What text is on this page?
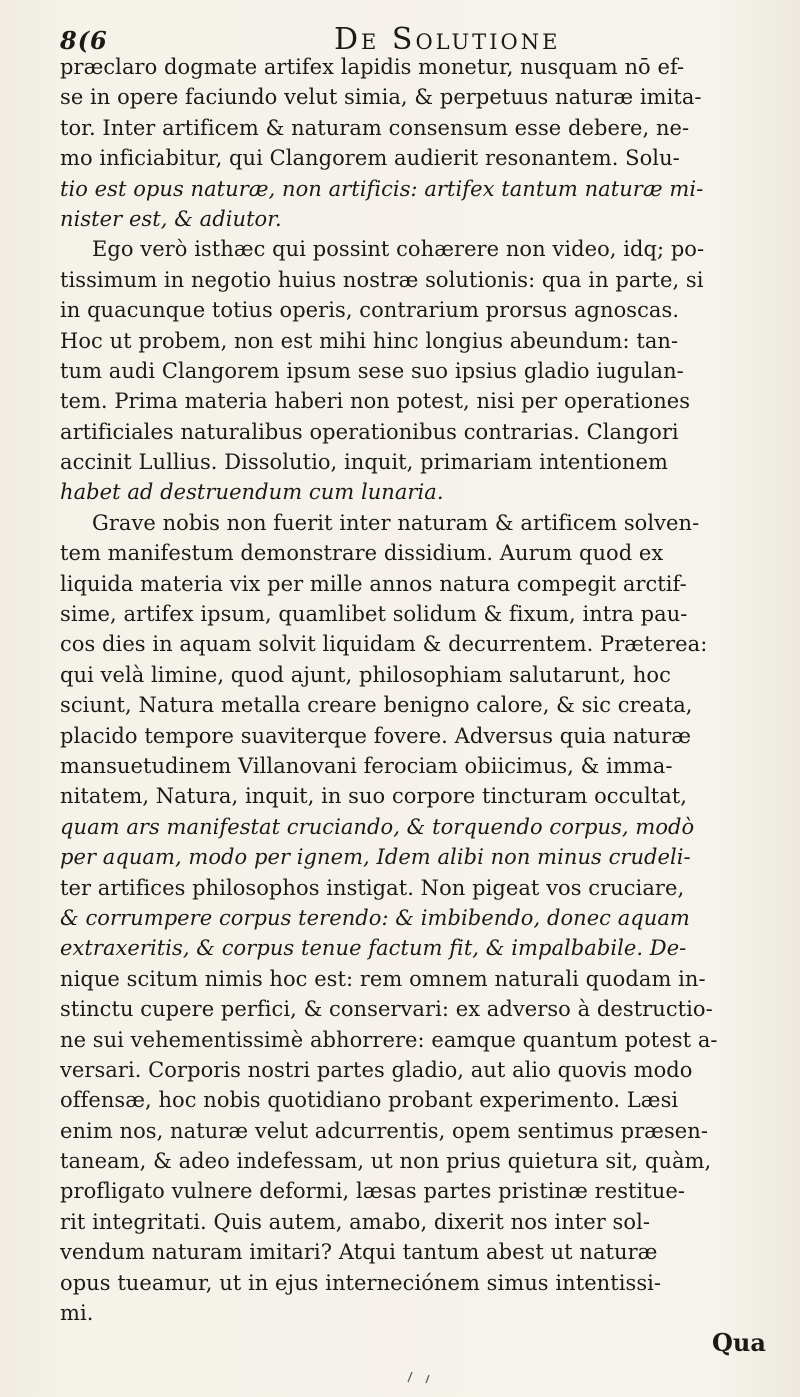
8(6	De Solutione
præclaro dogmate artifex lapidis monetur, nusquam nō ef-
se in opere faciundo velut simia, & perpetuus naturæ imita-
tor. Inter artificem & naturam consensum esse debere, ne-
mo inficiabitur, qui Clangorem audierit resonantem. Solu-
tio est opus naturæ, non artificis: artifex tantum naturæ mi-
nister est, & adiutor.
Ego verò isthæc qui possint cohærere non video, idq; po-
tissimum in negotio huius nostræ solutionis: qua in parte, si
in quacunque totius operis, contrarium prorsus agnoscas.
Hoc ut probem, non est mihi hinc longius abeundum: tan-
tum audi Clangorem ipsum sese suo ipsius gladio iugulan-
tem. Prima materia haberi non potest, nisi per operationes
artificiales naturalibus operationibus contrarias. Clangori
accinit Lullius. Dissolutio, inquit, primariam intentionem
habet ad destruendum cum lunaria.
Grave nobis non fuerit inter naturam & artificem solven-
tem manifestum demonstrare dissidium. Aurum quod ex
liquida materia vix per mille annos natura compegit arctif-
sime, artifex ipsum, quamlibet solidum & fixum, intra pau-
cos dies in aquam solvit liquidam & decurrentem. Præterea:
qui velà limine, quod ajunt, philosophiam salutarunt, hoc
sciunt, Natura metalla creare benigno calore, & sic creata,
placido tempore suaviterque fovere. Adversus quia naturæ
mansuetudinem Villanovani ferociam obiicimus, & imma-
nitatem, Natura, inquit, in suo corpore tincturam occultat,
quam ars manifestat cruciando, & torquendo corpus, modò
per aquam, modo per ignem, Idem alibi non minus crudeli-
ter artifices philosophos instigat. Non pigeat vos cruciare,
& corrumpere corpus terendo: & imbibendo, donec aquam
extraxeritis, & corpus tenue factum fit, & impalbabile. De-
nique scitum nimis hoc est: rem omnem naturali quodam in-
stinctu cupere perfici, & conservari: ex adverso à destructio-
ne sui vehementissimè abhorrere: eamque quantum potest a-
versari. Corporis nostri partes gladio, aut alio quovis modo
offensæ, hoc nobis quotidiano probant experimento. Læsi
enim nos, naturæ velut adcurrentis, opem sentimus præsen-
taneam, & adeo indefessam, ut non prius quietura sit, quàm,
profligato vulnere deformi, læsas partes pristinæ restitue-
rit integritati. Quis autem, amabo, dixerit nos inter sol-
vendum naturam imitari? Atqui tantum abest ut naturæ
opus tueamur, ut in ejus interneciónem simus intentissi-
mi.
Qua
